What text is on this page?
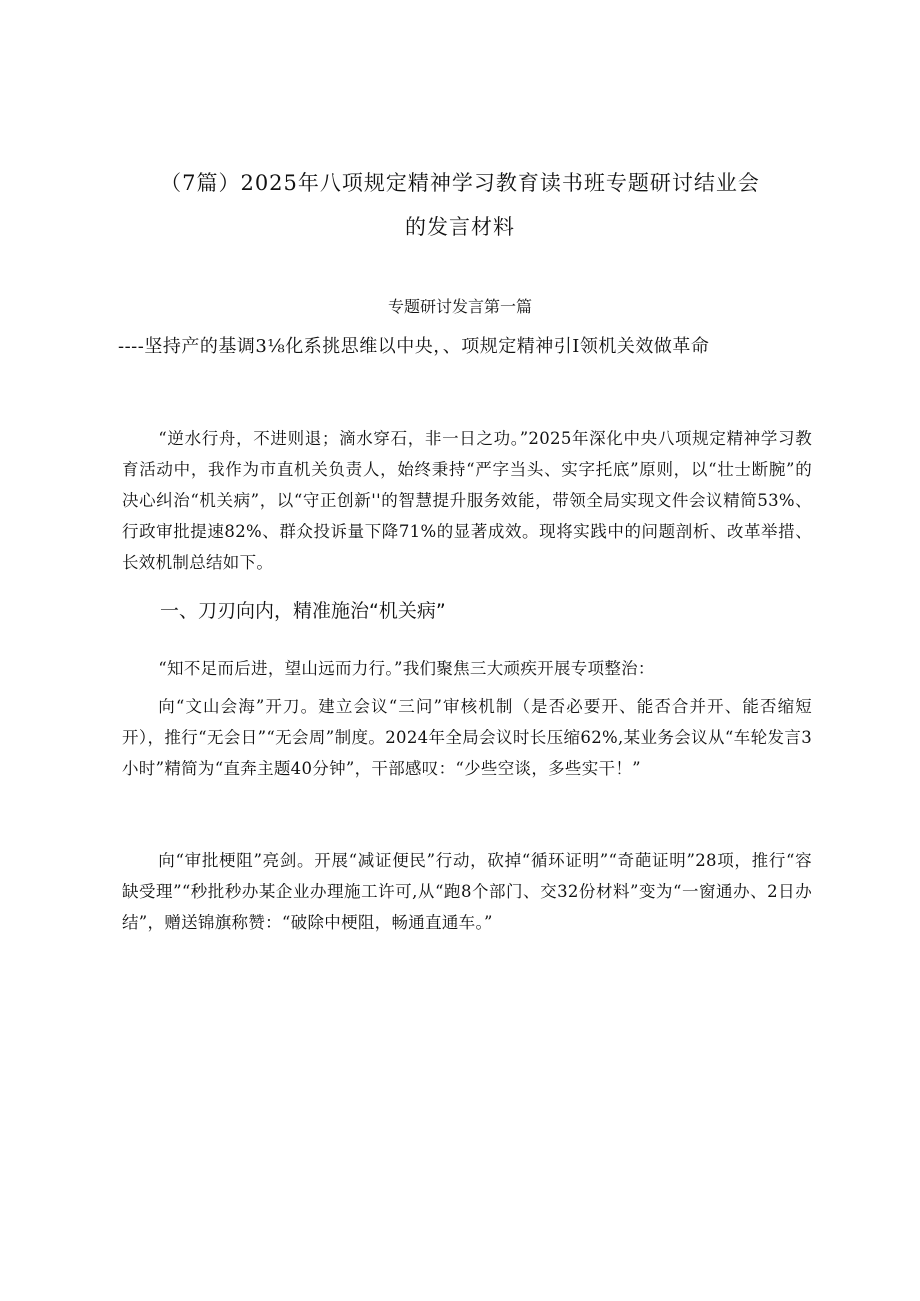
（7篇）2025年八项规定精神学习教育读书班专题研讨结业会
的发言材料
专题研讨发言第一篇
----坚持产的基调3⅛化系挑思维以中央，、项规定精神引I领机关效做革命

“逆水行舟，不进则退；滴水穿石，非一日之功。”2025年深化中央八项规定精神学习教育活动中，我作为市直机关负责人，始终秉持“严字当头、实字托底”原则，以“壮士断腕”的决心纠治“机关病”，以“守正创新''的智慧提升服务效能，带领全局实现文件会议精简53%、行政审批提速82%、群众投诉量下降71%的显著成效。现将实践中的问题剖析、改革举措、长效机制总结如下。

一、刀刃向内，精准施治“机关病”

“知不足而后进，望山远而力行。”我们聚焦三大顽疾开展专项整治：

向“文山会海”开刀。建立会议“三问”审核机制（是否必要开、能否合并开、能否缩短开），推行“无会日”“无会周”制度。2024年全局会议时长压缩62%,某业务会议从“车轮发言3小时”精简为“直奔主题40分钟”，干部感叹：“少些空谈，多些实干！”

向“审批梗阻”亮剑。开展“减证便民”行动，砍掉“循环证明”“奇葩证明”28项，推行“容缺受理”“秒批秒办某企业办理施工许可,从“跑8个部门、交32份材料”变为“一窗通办、2日办结”，赠送锦旗称赞：“破除中梗阻，畅通直通车。”
